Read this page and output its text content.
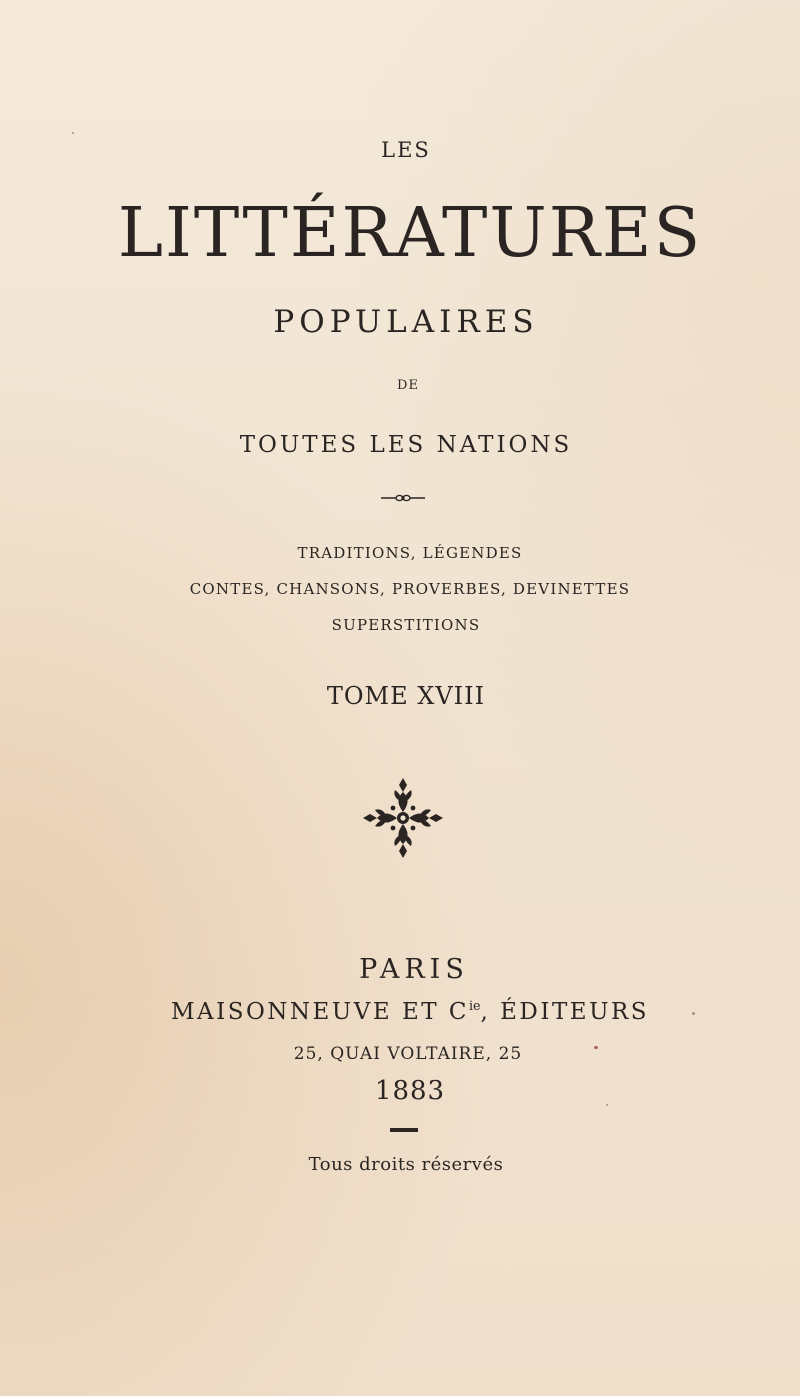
LES
LITTÉRATURES
POPULAIRES
DE
TOUTES LES NATIONS
TRADITIONS, LÉGENDES
CONTES, CHANSONS, PROVERBES, DEVINETTES
SUPERSTITIONS
TOME XVIII
PARIS
MAISONNEUVE ET $C^{ie}$, ÉDITEURS
25, QUAI VOLTAIRE, 25
1883
Tous droits réservés
